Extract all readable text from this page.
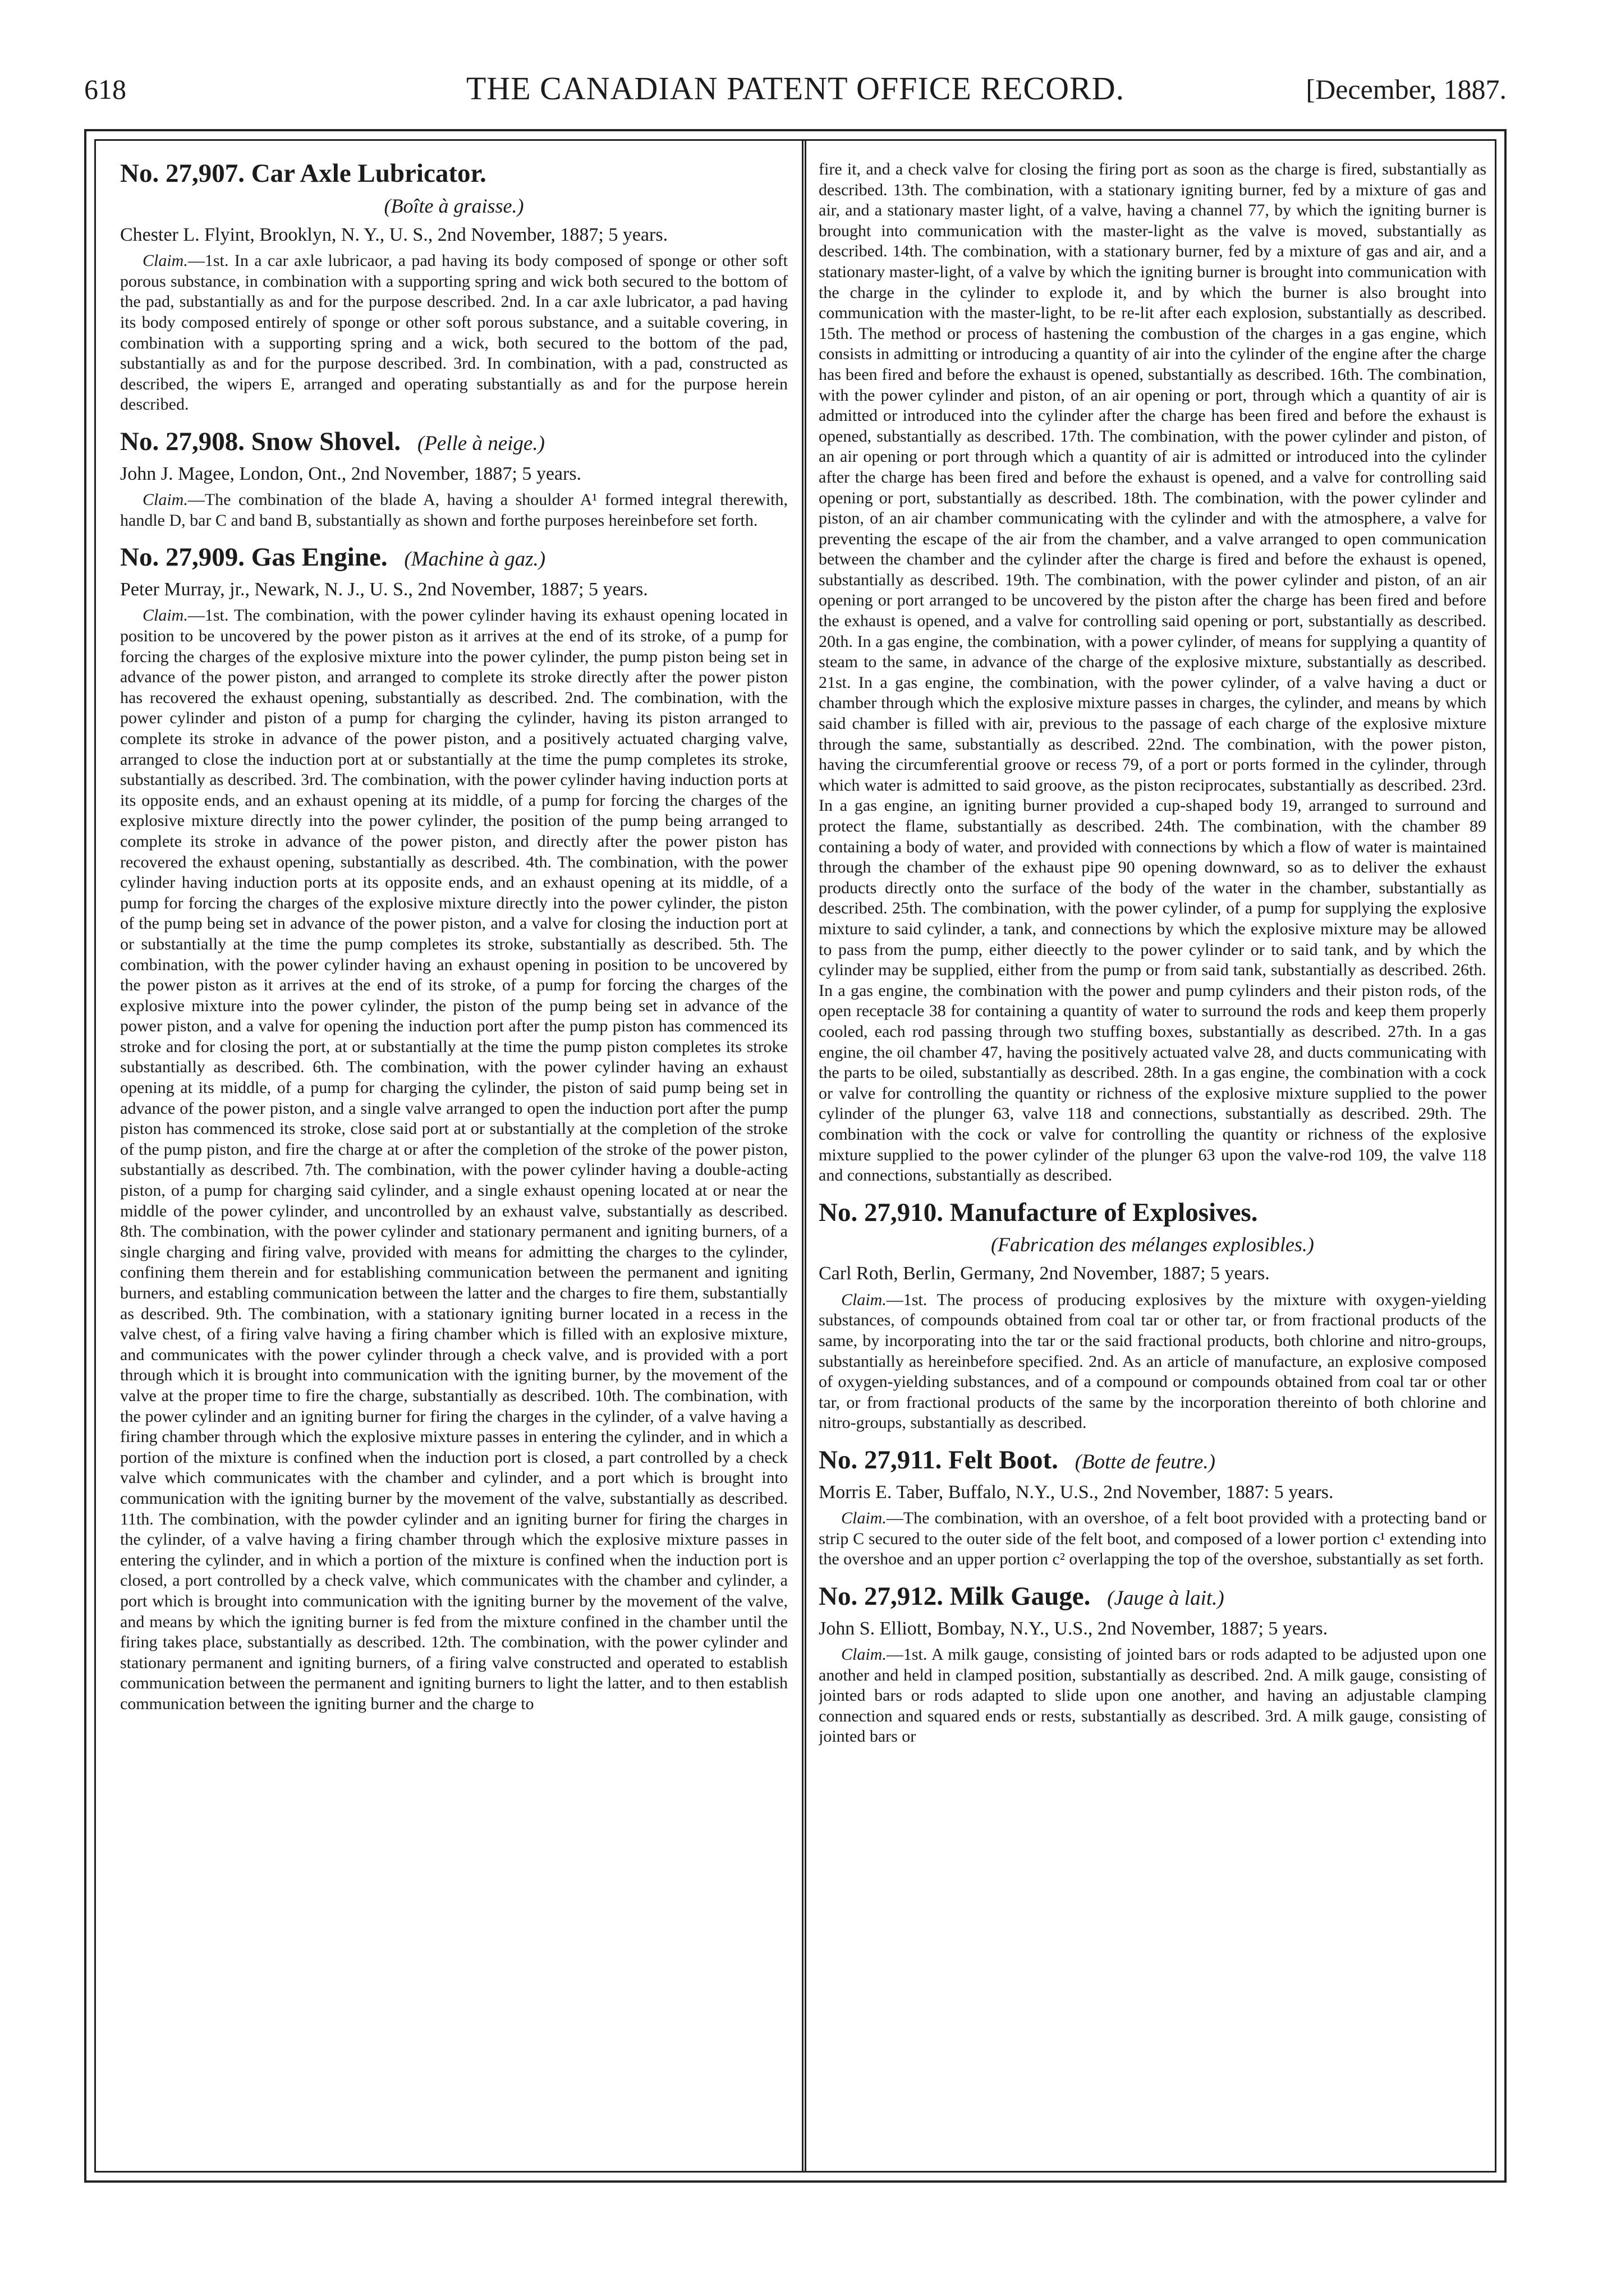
618	THE CANADIAN PATENT OFFICE RECORD.	[December, 1887.
No. 27,907. Car Axle Lubricator.
(Boîte à graisse.)

Chester L. Flyint, Brooklyn, N. Y., U. S., 2nd November, 1887; 5 years.

Claim.—1st. In a car axle lubricaor, a pad having its body composed of sponge or other soft porous substance, in combination with a supporting spring and wick both secured to the bottom of the pad, substantially as and for the purpose described. 2nd. In a car axle lubricator, a pad having its body composed entirely of sponge or other soft porous substance, and a suitable covering, in combination with a supporting spring and a wick, both secured to the bottom of the pad, substantially as and for the purpose described. 3rd. In combination, with a pad, constructed as described, the wipers E, arranged and operating substantially as and for the purpose herein described.

No. 27,908. Snow Shovel. (Pelle à neige.)

John J. Magee, London, Ont., 2nd November, 1887; 5 years.

Claim.—The combination of the blade A, having a shoulder A¹ formed integral therewith, handle D, bar C and band B, substantially as shown and forthe purposes hereinbefore set forth.

No. 27,909. Gas Engine. (Machine à gaz.)

Peter Murray, jr., Newark, N. J., U. S., 2nd November, 1887; 5 years.

Claim.—1st. The combination, with the power cylinder having its exhaust opening located in position to be uncovered by the power piston as it arrives at the end of its stroke, of a pump for forcing the charges of the explosive mixture into the power cylinder, the pump piston being set in advance of the power piston, and arranged to complete its stroke directly after the power piston has recovered the exhaust opening, substantially as described. 2nd. The combination, with the power cylinder and piston of a pump for charging the cylinder, having its piston arranged to complete its stroke in advance of the power piston, and a positively actuated charging valve, arranged to close the induction port at or substantially at the time the pump completes its stroke, substantially as described. 3rd. The combination, with the power cylinder having induction ports at its opposite ends, and an exhaust opening at its middle, of a pump for forcing the charges of the explosive mixture directly into the power cylinder, the position of the pump being arranged to complete its stroke in advance of the power piston, and directly after the power piston has recovered the exhaust opening, substantially as described. 4th. The combination, with the power cylinder having induction ports at its opposite ends, and an exhaust opening at its middle, of a pump for forcing the charges of the explosive mixture directly into the power cylinder, the piston of the pump being set in advance of the power piston, and a valve for closing the induction port at or substantially at the time the pump completes its stroke, substantially as described. 5th. The combination, with the power cylinder having an exhaust opening in position to be uncovered by the power piston as it arrives at the end of its stroke, of a pump for forcing the charges of the explosive mixture into the power cylinder, the piston of the pump being set in advance of the power piston, and a valve for opening the induction port after the pump piston has commenced its stroke and for closing the port, at or substantially at the time the pump piston completes its stroke substantially as described. 6th. The combination, with the power cylinder having an exhaust opening at its middle, of a pump for charging the cylinder, the piston of said pump being set in advance of the power piston, and a single valve arranged to open the induction port after the pump piston has commenced its stroke, close said port at or substantially at the completion of the stroke of the pump piston, and fire the charge at or after the completion of the stroke of the power piston, substantially as described. 7th. The combination, with the power cylinder having a double-acting piston, of a pump for charging said cylinder, and a single exhaust opening located at or near the middle of the power cylinder, and uncontrolled by an exhaust valve, substantially as described. 8th. The combination, with the power cylinder and stationary permanent and igniting burners, of a single charging and firing valve, provided with means for admitting the charges to the cylinder, confining them therein and for establishing communication between the permanent and igniting burners, and establing communication between the latter and the charges to fire them, substantially as described. 9th. The combination, with a stationary igniting burner located in a recess in the valve chest, of a firing valve having a firing chamber which is filled with an explosive mixture, and communicates with the power cylinder through a check valve, and is provided with a port through which it is brought into communication with the igniting burner, by the movement of the valve at the proper time to fire the charge, substantially as described. 10th. The combination, with the power cylinder and an igniting burner for firing the charges in the cylinder, of a valve having a firing chamber through which the explosive mixture passes in entering the cylinder, and in which a portion of the mixture is confined when the induction port is closed, a part controlled by a check valve which communicates with the chamber and cylinder, and a port which is brought into communication with the igniting burner by the movement of the valve, substantially as described. 11th. The combination, with the powder cylinder and an igniting burner for firing the charges in the cylinder, of a valve having a firing chamber through which the explosive mixture passes in entering the cylinder, and in which a portion of the mixture is confined when the induction port is closed, a port controlled by a check valve, which communicates with the chamber and cylinder, a port which is brought into communication with the igniting burner by the movement of the valve, and means by which the igniting burner is fed from the mixture confined in the chamber until the firing takes place, substantially as described. 12th. The combination, with the power cylinder and stationary permanent and igniting burners, of a firing valve constructed and operated to establish communication between the permanent and igniting burners to light the latter, and to then establish communication between the igniting burner and the charge to

fire it, and a check valve for closing the firing port as soon as the charge is fired, substantially as described. 13th. The combination, with a stationary igniting burner, fed by a mixture of gas and air, and a stationary master light, of a valve, having a channel 77, by which the igniting burner is brought into communication with the master-light as the valve is moved, substantially as described. 14th. The combination, with a stationary burner, fed by a mixture of gas and air, and a stationary master-light, of a valve by which the igniting burner is brought into communication with the charge in the cylinder to explode it, and by which the burner is also brought into communication with the master-light, to be re-lit after each explosion, substantially as described. 15th. The method or process of hastening the combustion of the charges in a gas engine, which consists in admitting or introducing a quantity of air into the cylinder of the engine after the charge has been fired and before the exhaust is opened, substantially as described. 16th. The combination, with the power cylinder and piston, of an air opening or port, through which a quantity of air is admitted or introduced into the cylinder after the charge has been fired and before the exhaust is opened, substantially as described. 17th. The combination, with the power cylinder and piston, of an air opening or port through which a quantity of air is admitted or introduced into the cylinder after the charge has been fired and before the exhaust is opened, and a valve for controlling said opening or port, substantially as described. 18th. The combination, with the power cylinder and piston, of an air chamber communicating with the cylinder and with the atmosphere, a valve for preventing the escape of the air from the chamber, and a valve arranged to open communication between the chamber and the cylinder after the charge is fired and before the exhaust is opened, substantially as described. 19th. The combination, with the power cylinder and piston, of an air opening or port arranged to be uncovered by the piston after the charge has been fired and before the exhaust is opened, and a valve for controlling said opening or port, substantially as described. 20th. In a gas engine, the combination, with a power cylinder, of means for supplying a quantity of steam to the same, in advance of the charge of the explosive mixture, substantially as described. 21st. In a gas engine, the combination, with the power cylinder, of a valve having a duct or chamber through which the explosive mixture passes in charges, the cylinder, and means by which said chamber is filled with air, previous to the passage of each charge of the explosive mixture through the same, substantially as described. 22nd. The combination, with the power piston, having the circumferential groove or recess 79, of a port or ports formed in the cylinder, through which water is admitted to said groove, as the piston reciprocates, substantially as described. 23rd. In a gas engine, an igniting burner provided a cup-shaped body 19, arranged to surround and protect the flame, substantially as described. 24th. The combination, with the chamber 89 containing a body of water, and provided with connections by which a flow of water is maintained through the chamber of the exhaust pipe 90 opening downward, so as to deliver the exhaust products directly onto the surface of the body of the water in the chamber, substantially as described. 25th. The combination, with the power cylinder, of a pump for supplying the explosive mixture to said cylinder, a tank, and connections by which the explosive mixture may be allowed to pass from the pump, either dieectly to the power cylinder or to said tank, and by which the cylinder may be supplied, either from the pump or from said tank, substantially as described. 26th. In a gas engine, the combination with the power and pump cylinders and their piston rods, of the open receptacle 38 for containing a quantity of water to surround the rods and keep them properly cooled, each rod passing through two stuffing boxes, substantially as described. 27th. In a gas engine, the oil chamber 47, having the positively actuated valve 28, and ducts communicating with the parts to be oiled, substantially as described. 28th. In a gas engine, the combination with a cock or valve for controlling the quantity or richness of the explosive mixture supplied to the power cylinder of the plunger 63, valve 118 and connections, substantially as described. 29th. The combination with the cock or valve for controlling the quantity or richness of the explosive mixture supplied to the power cylinder of the plunger 63 upon the valve-rod 109, the valve 118 and connections, substantially as described.

No. 27,910. Manufacture of Explosives.
(Fabrication des mélanges explosibles.)

Carl Roth, Berlin, Germany, 2nd November, 1887; 5 years.

Claim.—1st. The process of producing explosives by the mixture with oxygen-yielding substances, of compounds obtained from coal tar or other tar, or from fractional products of the same, by incorporating into the tar or the said fractional products, both chlorine and nitro-groups, substantially as hereinbefore specified. 2nd. As an article of manufacture, an explosive composed of oxygen-yielding substances, and of a compound or compounds obtained from coal tar or other tar, or from fractional products of the same by the incorporation thereinto of both chlorine and nitro-groups, substantially as described.

No. 27,911. Felt Boot. (Botte de feutre.)

Morris E. Taber, Buffalo, N.Y., U.S., 2nd November, 1887: 5 years.

Claim.—The combination, with an overshoe, of a felt boot provided with a protecting band or strip C secured to the outer side of the felt boot, and composed of a lower portion c¹ extending into the overshoe and an upper portion c² overlapping the top of the overshoe, substantially as set forth.

No. 27,912. Milk Gauge. (Jauge à lait.)

John S. Elliott, Bombay, N.Y., U.S., 2nd November, 1887; 5 years.

Claim.—1st. A milk gauge, consisting of jointed bars or rods adapted to be adjusted upon one another and held in clamped position, substantially as described. 2nd. A milk gauge, consisting of jointed bars or rods adapted to slide upon one another, and having an adjustable clamping connection and squared ends or rests, substantially as described. 3rd. A milk gauge, consisting of jointed bars or
